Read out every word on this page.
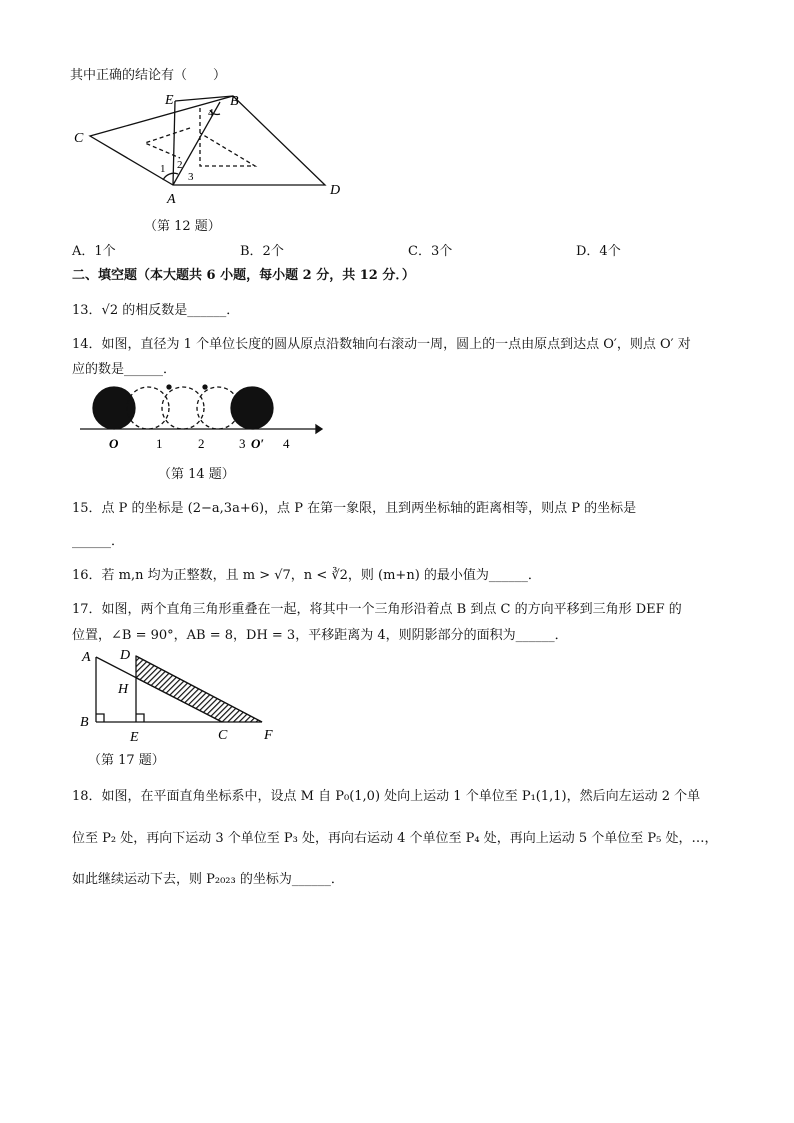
其中正确的结论有（　　）
E	B
C
D
A
1 2
3
4
（第 12 题）
A．1个	B．2个	C．3个	D．4个
二、填空题（本大题共 6 小题，每小题 2 分，共 12 分．）
13．√2 的相反数是______．
14．如图，直径为 1 个单位长度的圆从原点沿数轴向右滚动一周，圆上的一点由原点到达点 O′，则点 O′ 对
应的数是______．
O	1	2	3 O′ 4
（第 14 题）
15．点 P 的坐标是 (2−a,3a+6)，点 P 在第一象限，且到两坐标轴的距离相等，则点 P 的坐标是
______．
16．若 m,n 均为正整数，且 m > √7，n < ∛2，则 (m+n) 的最小值为______．
17．如图，两个直角三角形重叠在一起，将其中一个三角形沿着点 B 到点 C 的方向平移到三角形 DEF 的
位置，∠B = 90°，AB = 8，DH = 3，平移距离为 4，则阴影部分的面积为______．
A D
H
B
E	C	F
（第 17 题）
18．如图，在平面直角坐标系中，设点 M 自 P₀(1,0) 处向上运动 1 个单位至 P₁(1,1)，然后向左运动 2 个单
位至 P₂ 处，再向下运动 3 个单位至 P₃ 处，再向右运动 4 个单位至 P₄ 处，再向上运动 5 个单位至 P₅ 处，…，
如此继续运动下去，则 P₂₀₂₃ 的坐标为______．
